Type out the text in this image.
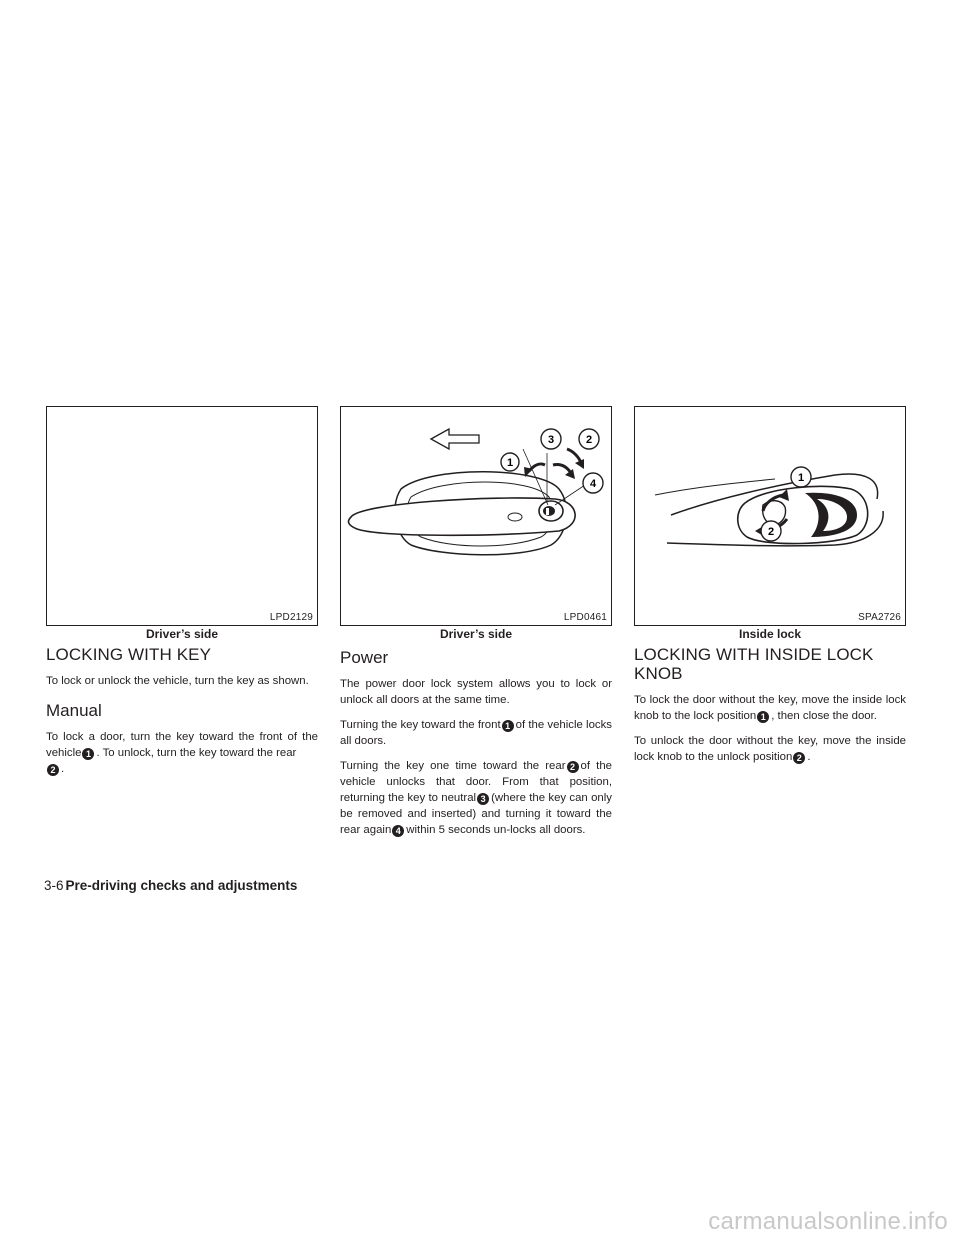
LPD2129
Driver’s side
LOCKING WITH KEY

To lock or unlock the vehicle, turn the key as shown.

Manual

To lock a door, turn the key toward the front of the vehicle 1 . To unlock, turn the key toward the rear
2 .

1
3	2
4
LPD0461
Driver’s side
Power

The power door lock system allows you to lock or unlock all doors at the same time.

Turning the key toward the front 1 of the vehicle locks all doors.

Turning the key one time toward the rear 2 of the vehicle unlocks that door. From that position, returning the key to neutral 3 (where the key can only be removed and inserted) and turning it toward the rear again 4 within 5 seconds un-locks all doors.

1
2
SPA2726
Inside lock
LOCKING WITH INSIDE LOCK KNOB

To lock the door without the key, move the inside lock knob to the lock position 1 , then close the door.

To unlock the door without the key, move the inside lock knob to the unlock position 2 .

3-6 Pre-driving checks and adjustments
carmanualsonline.info
